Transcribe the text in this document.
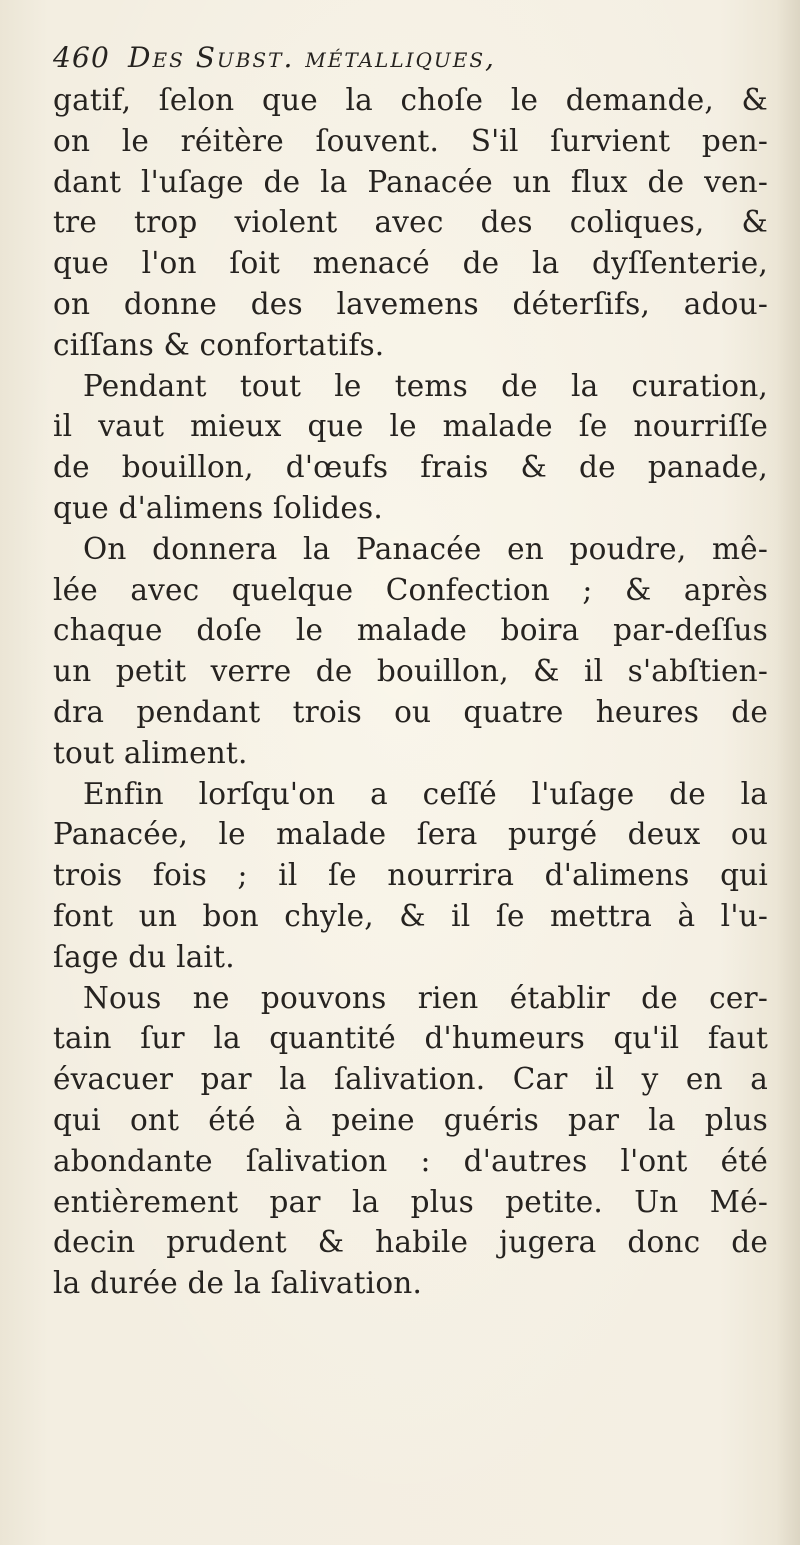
460 Des Subst. métalliques,
gatif, ſelon que la choſe le demande, &
on le réitère ſouvent. S'il ſurvient pen-
dant l'uſage de la Panacée un flux de ven-
tre trop violent avec des coliques, &
que l'on ſoit menacé de la dyſſenterie,
on donne des lavemens déterſifs, adou-
ciſſans & confortatifs.
Pendant tout le tems de la curation,
il vaut mieux que le malade ſe nourriſſe
de bouillon, d'œufs frais & de panade,
que d'alimens ſolides.
On donnera la Panacée en poudre, mê-
lée avec quelque Confection ; & après
chaque doſe le malade boira par-deſſus
un petit verre de bouillon, & il s'abſtien-
dra pendant trois ou quatre heures de
tout aliment.
Enfin lorſqu'on a ceſſé l'uſage de la
Panacée, le malade ſera purgé deux ou
trois fois ; il ſe nourrira d'alimens qui
font un bon chyle, & il ſe mettra à l'u-
ſage du lait.
Nous ne pouvons rien établir de cer-
tain ſur la quantité d'humeurs qu'il faut
évacuer par la ſalivation. Car il y en a
qui ont été à peine guéris par la plus
abondante ſalivation : d'autres l'ont été
entièrement par la plus petite. Un Mé-
decin prudent & habile jugera donc de
la durée de la ſalivation.
